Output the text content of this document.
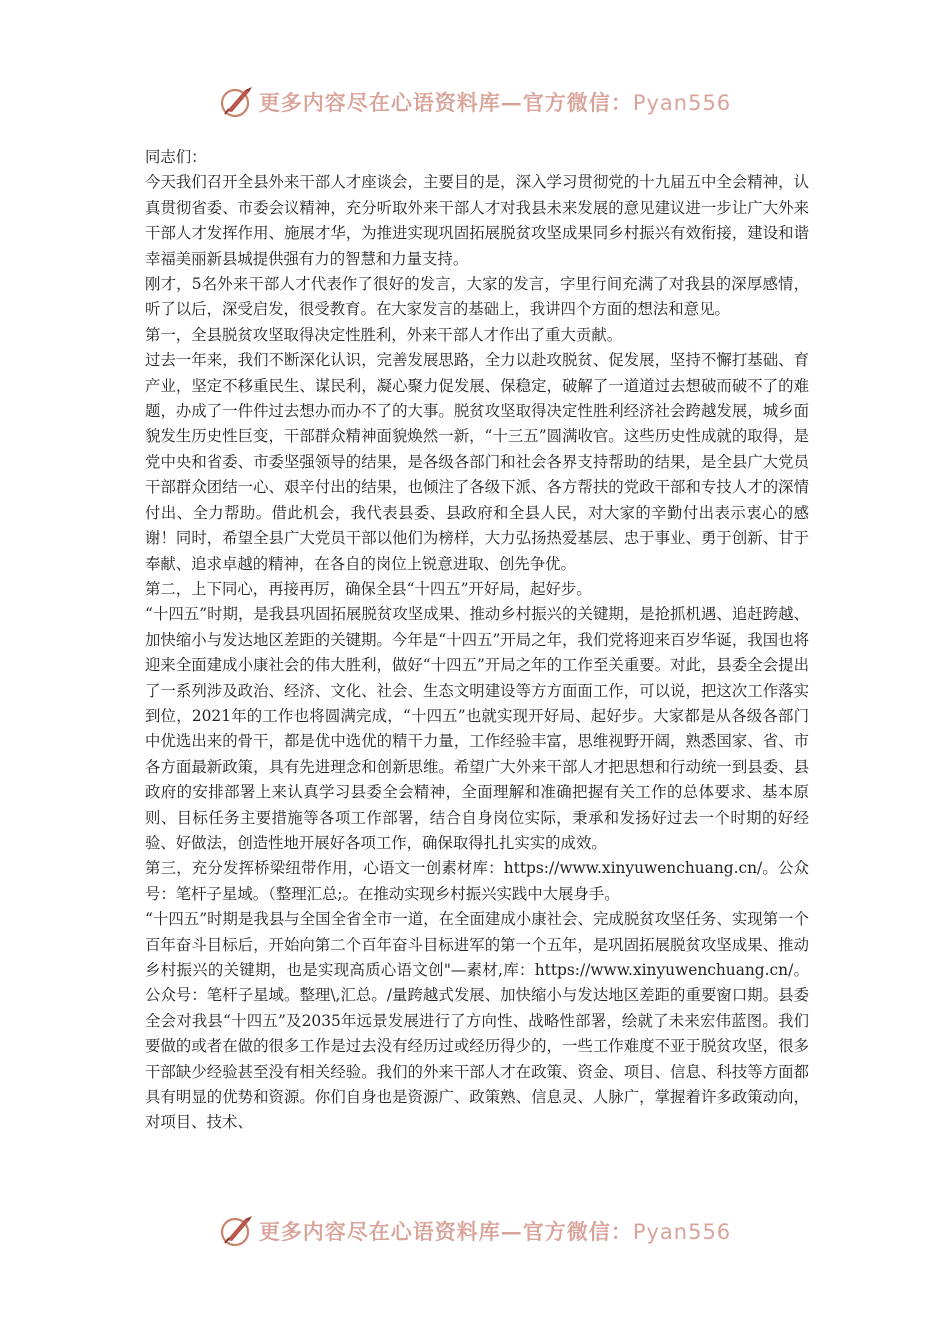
更多内容尽在心语资料库—官方微信：Pyan556

同志们：

今天我们召开全县外来干部人才座谈会，主要目的是，深入学习贯彻党的十九届五中全会精神，认真贯彻省委、市委会议精神，充分听取外来干部人才对我县未来发展的意见建议进一步让广大外来干部人才发挥作用、施展才华，为推进实现巩固拓展脱贫攻坚成果同乡村振兴有效衔接，建设和谐幸福美丽新县城提供强有力的智慧和力量支持。

刚才，5名外来干部人才代表作了很好的发言，大家的发言，字里行间充满了对我县的深厚感情，听了以后，深受启发，很受教育。在大家发言的基础上，我讲四个方面的想法和意见。

第一，全县脱贫攻坚取得决定性胜利，外来干部人才作出了重大贡献。

过去一年来，我们不断深化认识，完善发展思路，全力以赴攻脱贫、促发展，坚持不懈打基础、育产业，坚定不移重民生、谋民利，凝心聚力促发展、保稳定，破解了一道道过去想破而破不了的难题，办成了一件件过去想办而办不了的大事。脱贫攻坚取得决定性胜利经济社会跨越发展，城乡面貌发生历史性巨变，干部群众精神面貌焕然一新，“十三五”圆满收官。这些历史性成就的取得，是党中央和省委、市委坚强领导的结果，是各级各部门和社会各界支持帮助的结果，是全县广大党员干部群众团结一心、艰辛付出的结果，也倾注了各级下派、各方帮扶的党政干部和专技人才的深情付出、全力帮助。借此机会，我代表县委、县政府和全县人民，对大家的辛勤付出表示衷心的感谢！同时，希望全县广大党员干部以他们为榜样，大力弘扬热爱基层、忠于事业、勇于创新、甘于奉献、追求卓越的精神，在各自的岗位上锐意进取、创先争优。

第二，上下同心，再接再厉，确保全县“十四五”开好局，起好步。

“十四五”时期，是我县巩固拓展脱贫攻坚成果、推动乡村振兴的关键期，是抢抓机遇、追赶跨越、加快缩小与发达地区差距的关键期。今年是“十四五”开局之年，我们党将迎来百岁华诞，我国也将迎来全面建成小康社会的伟大胜利，做好“十四五”开局之年的工作至关重要。对此，县委全会提出了一系列涉及政治、经济、文化、社会、生态文明建设等方方面面工作，可以说，把这次工作落实到位，2021年的工作也将圆满完成，“十四五”也就实现开好局、起好步。大家都是从各级各部门中优选出来的骨干，都是优中选优的精干力量，工作经验丰富，思维视野开阔，熟悉国家、省、市各方面最新政策，具有先进理念和创新思维。希望广大外来干部人才把思想和行动统一到县委、县政府的安排部署上来认真学习县委全会精神，全面理解和准确把握有关工作的总体要求、基本原则、目标任务主要措施等各项工作部署，结合自身岗位实际，秉承和发扬好过去一个时期的好经验、好做法，创造性地开展好各项工作，确保取得扎扎实实的成效。

第三，充分发挥桥梁纽带作用，心语文一创素材库：https://www.xinyuwenchuang.cn/。公众号：笔杆子星域。（整理汇总;。在推动实现乡村振兴实践中大展身手。

“十四五”时期是我县与全国全省全市一道，在全面建成小康社会、完成脱贫攻坚任务、实现第一个百年奋斗目标后，开始向第二个百年奋斗目标进军的第一个五年，是巩固拓展脱贫攻坚成果、推动乡村振兴的关键期，也是实现高质心语文创"—素材,库：https://www.xinyuwenchuang.cn/。公众号：笔杆子星域。整理\,汇总。/量跨越式发展、加快缩小与发达地区差距的重要窗口期。县委全会对我县“十四五”及2035年远景发展进行了方向性、战略性部署，绘就了未来宏伟蓝图。我们要做的或者在做的很多工作是过去没有经历过或经历得少的，一些工作难度不亚于脱贫攻坚，很多干部缺少经验甚至没有相关经验。我们的外来干部人才在政策、资金、项目、信息、科技等方面都具有明显的优势和资源。你们自身也是资源广、政策熟、信息灵、人脉广，掌握着许多政策动向，对项目、技术、

更多内容尽在心语资料库—官方微信：Pyan556
